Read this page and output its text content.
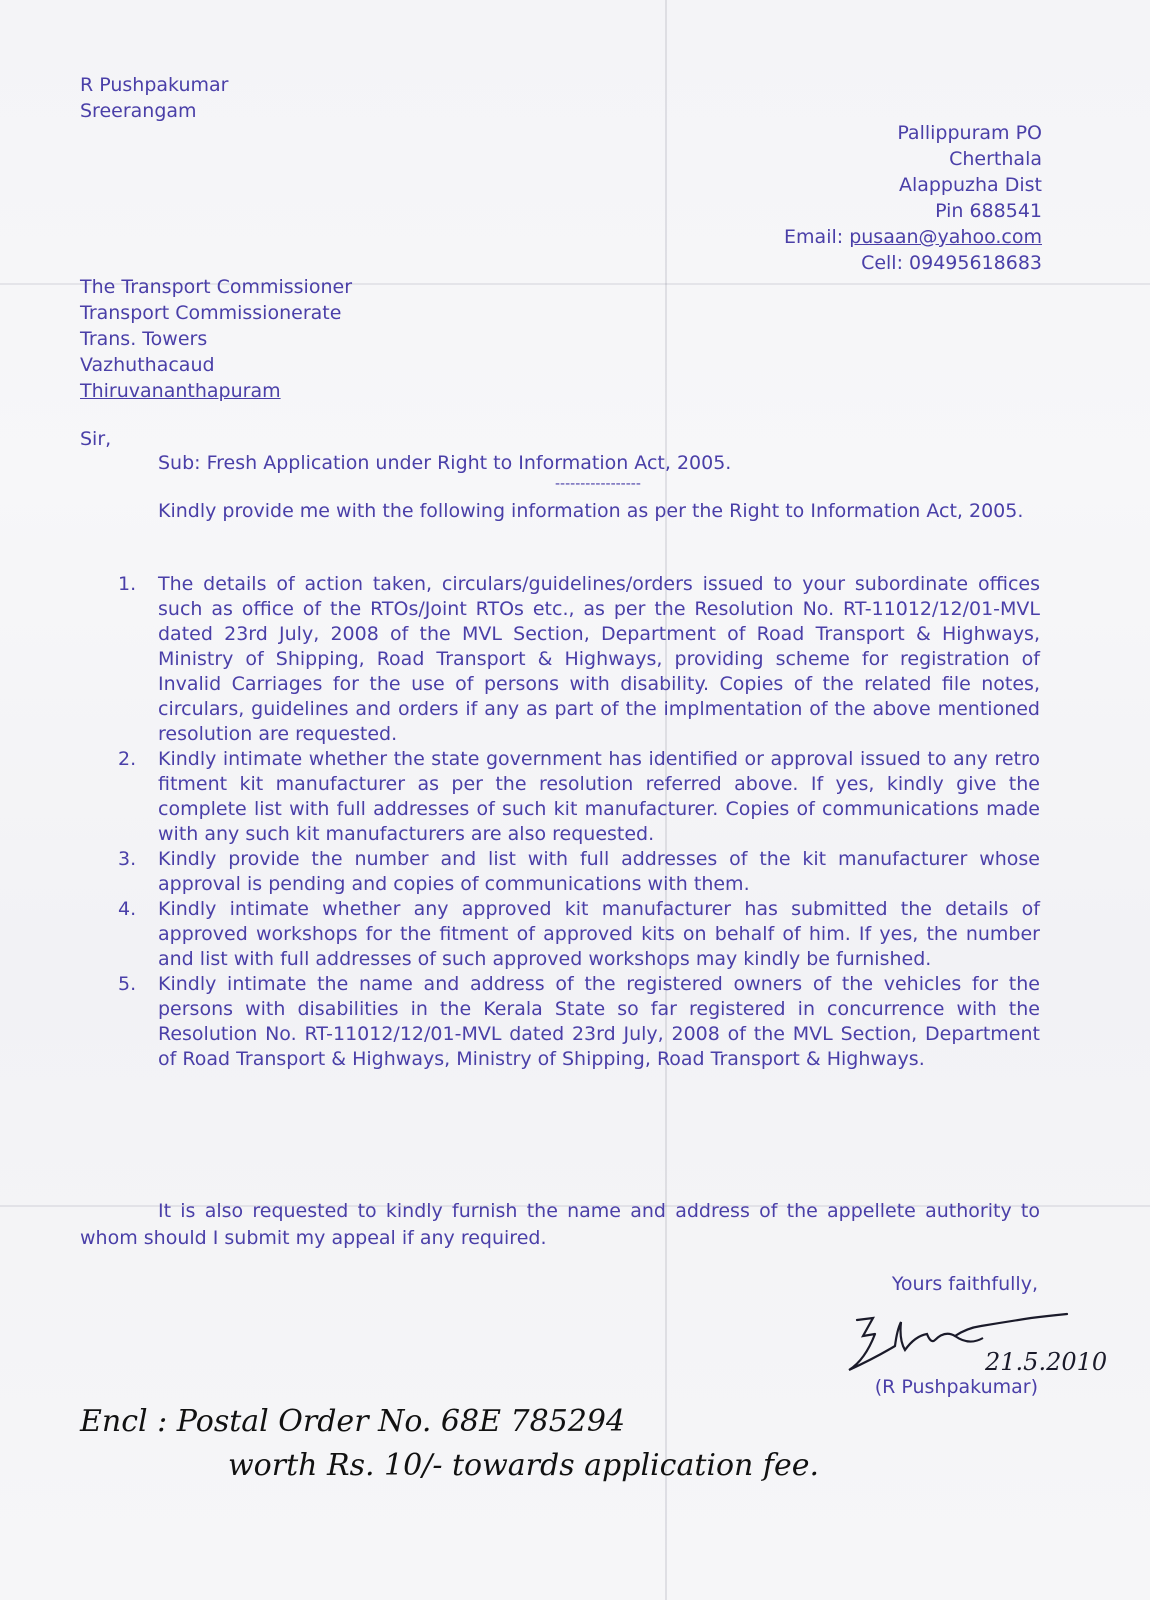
R Pushpakumar
Sreerangam
Pallippuram PO
Cherthala
Alappuzha Dist
Pin 688541
Email: pusaan@yahoo.com
Cell: 09495618683
The Transport Commissioner
Transport Commissionerate
Trans. Towers
Vazhuthacaud
Thiruvananthapuram
Sir,
Sub: Fresh Application under Right to Information Act, 2005.
-----------------
Kindly provide me with the following information as per the Right to Information Act, 2005.
1. The details of action taken, circulars/guidelines/orders issued to your subordinate offices such as office of the RTOs/Joint RTOs etc., as per the Resolution No. RT-11012/12/01-MVL dated 23rd July, 2008 of the MVL Section, Department of Road Transport & Highways, Ministry of Shipping, Road Transport & Highways, providing scheme for registration of Invalid Carriages for the use of persons with disability. Copies of the related file notes, circulars, guidelines and orders if any as part of the implmentation of the above mentioned resolution are requested.
2. Kindly intimate whether the state government has identified or approval issued to any retro fitment kit manufacturer as per the resolution referred above. If yes, kindly give the complete list with full addresses of such kit manufacturer. Copies of communications made with any such kit manufacturers are also requested.
3. Kindly provide the number and list with full addresses of the kit manufacturer whose approval is pending and copies of communications with them.
4. Kindly intimate whether any approved kit manufacturer has submitted the details of approved workshops for the fitment of approved kits on behalf of him. If yes, the number and list with full addresses of such approved workshops may kindly be furnished.
5. Kindly intimate the name and address of the registered owners of the vehicles for the persons with disabilities in the Kerala State so far registered in concurrence with the Resolution No. RT-11012/12/01-MVL dated 23rd July, 2008 of the MVL Section, Department of Road Transport & Highways, Ministry of Shipping, Road Transport & Highways.
It is also requested to kindly furnish the name and address of the appellete authority to whom should I submit my appeal if any required.
Yours faithfully,
21.5.2010
(R Pushpakumar)
Encl : Postal Order No. 68E 785294
worth Rs. 10/- towards application fee.
